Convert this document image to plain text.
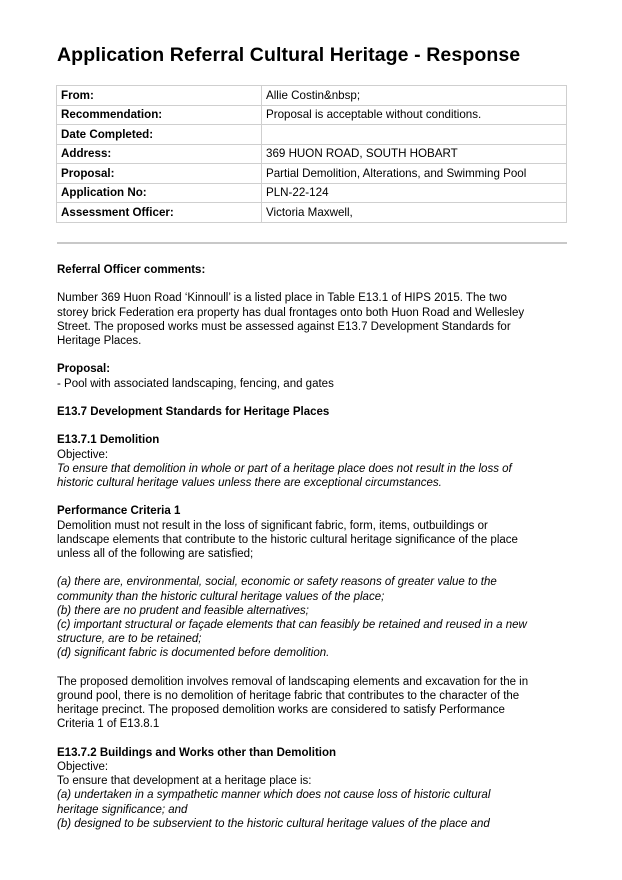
Application Referral Cultural Heritage - Response
From:	Allie Costin&nbsp;
Recommendation:	Proposal is acceptable without conditions.
Date Completed:	
Address:	369 HUON ROAD, SOUTH HOBART
Proposal:	Partial Demolition, Alterations, and Swimming Pool
Application No:	PLN-22-124
Assessment Officer:	Victoria Maxwell,

Referral Officer comments:

Number 369 Huon Road ‘Kinnoull’ is a listed place in Table E13.1 of HIPS 2015. The two
storey brick Federation era property has dual frontages onto both Huon Road and Wellesley
Street. The proposed works must be assessed against E13.7 Development Standards for
Heritage Places.

Proposal:

- Pool with associated landscaping, fencing, and gates

E13.7 Development Standards for Heritage Places

E13.7.1 Demolition

Objective:

To ensure that demolition in whole or part of a heritage place does not result in the loss of
historic cultural heritage values unless there are exceptional circumstances.

Performance Criteria 1

Demolition must not result in the loss of significant fabric, form, items, outbuildings or
landscape elements that contribute to the historic cultural heritage significance of the place
unless all of the following are satisfied;

(a) there are, environmental, social, economic or safety reasons of greater value to the
community than the historic cultural heritage values of the place;
(b) there are no prudent and feasible alternatives;
(c) important structural or façade elements that can feasibly be retained and reused in a new
structure, are to be retained;
(d) significant fabric is documented before demolition.

The proposed demolition involves removal of landscaping elements and excavation for the in
ground pool, there is no demolition of heritage fabric that contributes to the character of the
heritage precinct. The proposed demolition works are considered to satisfy Performance
Criteria 1 of E13.8.1

E13.7.2 Buildings and Works other than Demolition

Objective:

To ensure that development at a heritage place is:

(a) undertaken in a sympathetic manner which does not cause loss of historic cultural
heritage significance; and
(b) designed to be subservient to the historic cultural heritage values of the place and
